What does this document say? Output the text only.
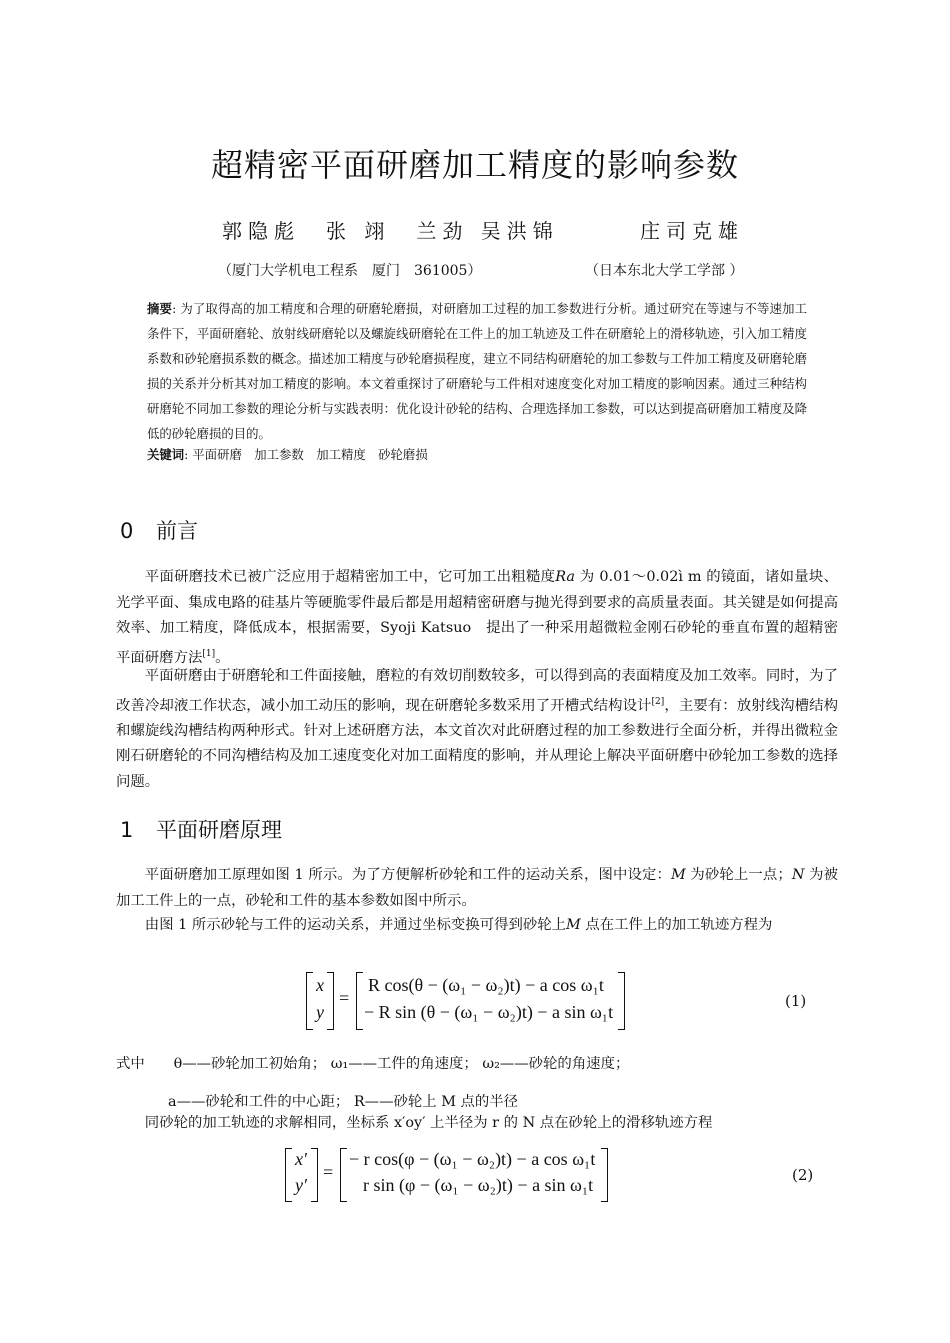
超精密平面研磨加工精度的影响参数
郭隐彪　张 翊　兰劲 吴洪锦	庄司克雄
（厦门大学机电工程系　厦门　361005）	（日本东北大学工学部 ）
摘要: 为了取得高的加工精度和合理的研磨轮磨损，对研磨加工过程的加工参数进行分析。通过研究在等速与不等速加工条件下，平面研磨轮、放射线研磨轮以及螺旋线研磨轮在工件上的加工轨迹及工件在研磨轮上的滑移轨迹，引入加工精度系数和砂轮磨损系数的概念。描述加工精度与砂轮磨损程度，建立不同结构研磨轮的加工参数与工件加工精度及研磨轮磨损的关系并分析其对加工精度的影响。本文着重探讨了研磨轮与工件相对速度变化对加工精度的影响因素。通过三种结构研磨轮不同加工参数的理论分析与实践表明：优化设计砂轮的结构、合理选择加工参数，可以达到提高研磨加工精度及降低的砂轮磨损的目的。
关键词: 平面研磨　加工参数　加工精度　砂轮磨损
0 前言
平面研磨技术已被广泛应用于超精密加工中，它可加工出粗糙度Ra 为 0.01～0.02ì m 的镜面，诸如量块、光学平面、集成电路的硅基片等硬脆零件最后都是用超精密研磨与抛光得到要求的高质量表面。其关键是如何提高效率、加工精度，降低成本，根据需要，Syoji Katsuo　提出了一种采用超微粒金刚石砂轮的垂直布置的超精密平面研磨方法[1]。
平面研磨由于研磨轮和工件面接触，磨粒的有效切削数较多，可以得到高的表面精度及加工效率。同时，为了改善冷却液工作状态，减小加工动压的影响，现在研磨轮多数采用了开槽式结构设计[2]，主要有：放射线沟槽结构和螺旋线沟槽结构两种形式。针对上述研磨方法，本文首次对此研磨过程的加工参数进行全面分析，并得出微粒金刚石研磨轮的不同沟槽结构及加工速度变化对加工面精度的影响，并从理论上解决平面研磨中砂轮加工参数的选择问题。
1 平面研磨原理
平面研磨加工原理如图 1 所示。为了方便解析砂轮和工件的运动关系，图中设定：M 为砂轮上一点；N 为被加工工件上的一点，砂轮和工件的基本参数如图中所示。
由图 1 所示砂轮与工件的运动关系，并通过坐标变换可得到砂轮上M 点在工件上的加工轨迹方程为
x
y
=
R cos(θ − (ω₁ − ω₂)t) − a cos ω₁t
− R sin (θ − (ω₁ − ω₂)t) − a sin ω₁t
(1)
式中　　 θ——砂轮加工初始角； ω₁——工件的角速度； ω₂——砂轮的角速度；
a——砂轮和工件的中心距； R——砂轮上 M 点的半径
同砂轮的加工轨迹的求解相同，坐标系 x′oy′ 上半径为 r 的 N 点在砂轮上的滑移轨迹方程
x′
y′
=
− r cos(φ − (ω₁ − ω₂)t) − a cos ω₁t
r sin (φ − (ω₁ − ω₂)t) − a sin ω₁t	(2)
